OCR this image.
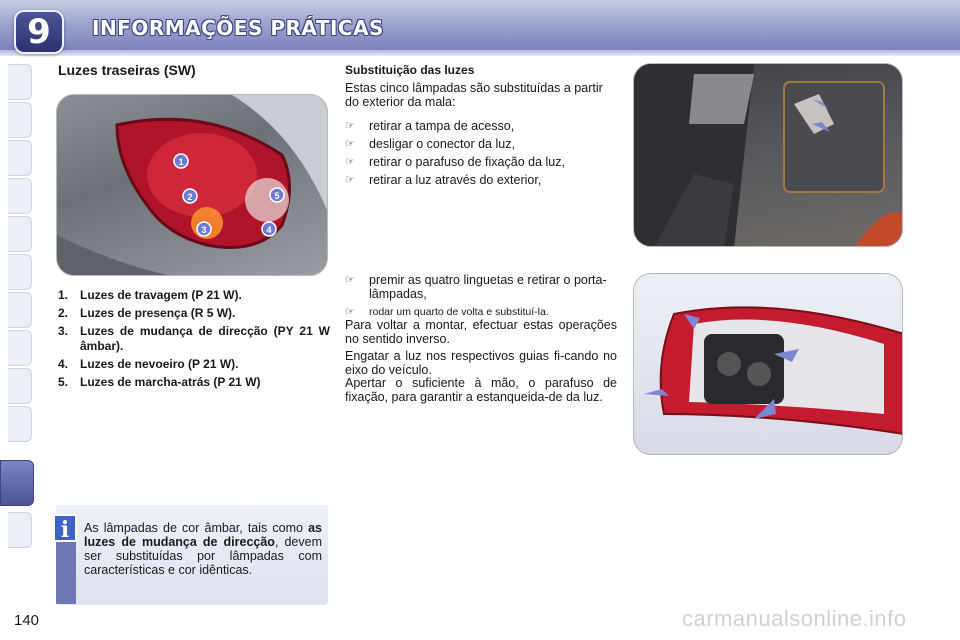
9	INFORMAÇÕES PRÁTICAS
Luzes traseiras (SW)
1
2
3	4
5
1. Luzes de travagem (P 21 W).
2. Luzes de presença (R 5 W).
3. Luzes de mudança de direcção (PY 21 W âmbar).
4. Luzes de nevoeiro (P 21 W).
5. Luzes de marcha-atrás (P 21 W)
i	As lâmpadas de cor âmbar, tais como as luzes de mudança de direcção, devem ser substituídas por lâmpadas com características e cor idênticas.
Substituição das luzes
Estas cinco lâmpadas são substituídas a partir do exterior da mala:
☞	retirar a tampa de acesso,
☞	desligar o conector da luz,
☞	retirar o parafuso de fixação da luz,
☞	retirar a luz através do exterior,
☞	premir as quatro linguetas e retirar o porta-lâmpadas,
☞	rodar um quarto de volta e substituí-la.
Para voltar a montar, efectuar estas operações no sentido inverso.
Engatar a luz nos respectivos guias fi-cando no eixo do veículo.
Apertar o suficiente à mão, o parafuso de fixação, para garantir a estanqueida-de da luz.
140	carmanualsonline.info
